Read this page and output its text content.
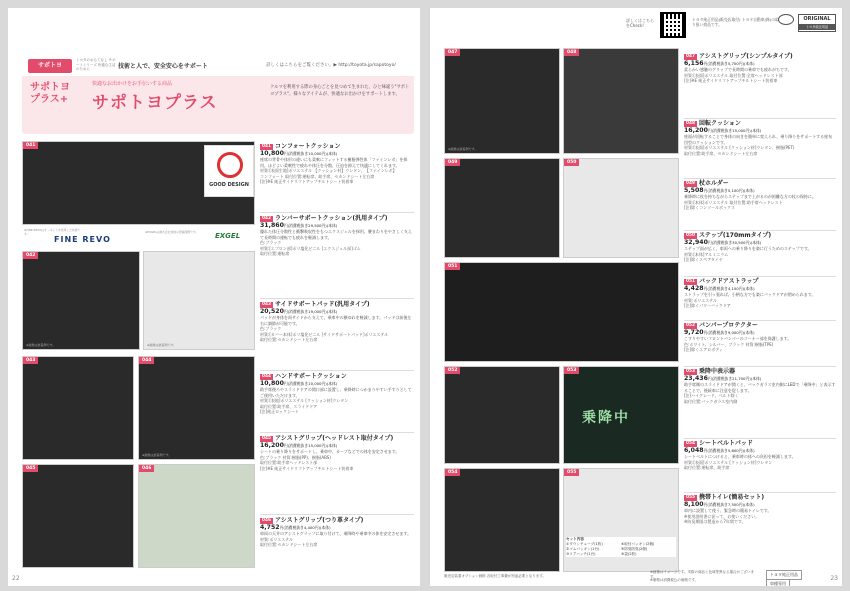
サポトヨ
トヨタのおもてなし サポートシリーズ 快適な生活のために	技術と人で、安全安心をサポート	詳しくはこちらをご覧ください。▶ http://toyota.jp/sapotoyo/
サポトヨ プラス+
快適なお出かけをお手伝いする商品
サポトヨプラス
クルマを利用する際の身心ごとを見つめて生まれた、ひと味違う"サポトヨプラス"。様々なアイテムが、快適なお出かけをサポートします。
041
GOOD DESIGN
※FINE REVOはサーキットを使用した技術です。
FINE REVO
※EXGELは株式会社加地の登録商標です。	EXGEL
042
※画像は装着例です。	※画像は装着例です。
043	044
※画像は装着例です。
045	046
041 コンフォートクッション
10,800円(消費税抜き10,000円)(本体)
座席の背骨や体形の違いにも柔軟にフィットする樹脂弾性体「ファインレボ」を採用。ほどよい柔軟性で疲れや体圧を分散、圧迫を抑えて快適にしてくれます。
材質:[表面生地]ポリエステル 【クッション材】ウレタン、【ファインレボ】
コンフォート 取付位置:運転席、助手席、セカンドシート左右席
[注]※E 純正サイドリフトアップチルトシート装着車
042 ランバーサポートクッション(汎用タイプ)
31,860円(消費税抜き29,500円)(本体)
優れた体圧分散性と衝撃吸収性をもつエクスジェルを採用。腰まわりをやさしく支えて長時間の運転でも疲れを軽減します。
色:ブラック
材質:[エプロン部]ポリ塩化ビニル [エクスジェル部]ゴム
取付位置:運転席
043 サイドサポートパッド(汎用タイプ)
20,520円(消費税抜き19,000円)(本体)
パッドが身体を両サイドから支えて、乗車中の横ゆれを軽減します。パッドは前後左右に調節が可能です。
色:ブラック
材質:[カバー本体]ポリ塩化ビニル [サイドサポートパッド]ポリエステル
取付位置:セカンドシート左右席
044 ハンドサポートクッション
10,800円(消費税抜き10,000円)(本体)
助手席後ろやスライドドアの開口部に設置し、乗降時につかまりやすい手すりとしてご使用いただけます。
材質:[表地]ポリエステル [クッション材]ウレタン
取付位置:助手席、スライドドア
[注]純正ロックシート
045 アシストグリップ(ヘッドレスト取付タイプ)
16,200円(消費税抜き15,000円)(本体)
シートの乗り降りをサポートし、乗車中、カーブなどでの体を安定させます。
色:ブラック 材質:樹脂(PP)、樹脂(ABS)
取付位置:助手席ヘッドレスト部
[注]※E 純正サイドリフトアップチルトシート装着車
046 アシストグリップ(つり革タイプ)
4,752円(消費税抜き4,400円)(本体)
車両の天井のアシストグリップに取り付けて、乗降時や乗車中の体を安定させます。
材質:ポリエステル
取付位置:セカンドシート左右席
22
詳しくはこちらをCheck!
トヨタ純正用品(販売店取付) トヨタ自動車(株)の取り扱い商品です。
ORIGINAL
トヨタ純正用品
047
※画像は装着例です。
048
049	050
051
052	053
乗降中
054	055
セット内容
①ダウンチューブ(1枚)	④取付パッキン(2個)
②ゴムパッキン(1台)	⑤防臭防臭(2個)
③リアハッチ(1台)	⑥袋(2枚)
047 アシストグリップ(シンプルタイプ)
6,156円(消費税抜き5,700円)(本体)
柔らかい感触のグリップで長時間の乗車でも疲れがちです。
材質:[表面]ポリエステル 取付位置:全席ヘッドレスト部
[注]※E 純正サイドリフトアップチルトシート装着車
048 回転クッション
16,200円(消費税抜き15,000円)(本体)
座面が回転することで身体の向きを簡単に変えられ、乗り降りをサポートする座布団型のクッションです。
材質:[表面]ポリエステル [クッション材]ウレタン、樹脂(PET)
取付位置:助手席、セカンドシート左右席
049 杖ホルダー
5,508円(消費税抜き5,100円)(本体)
乗降時に杖を持ちながらステップまで上がるのが困難な方の杖の保持に。
材質:[本体]ポリエステル 取付位置:助手席ヘッドレスト
[注]除くコンソールボックス
050 ステップ(170mmタイプ)
32,940円(消費税抜き30,500円)(本体)
ステップ面が広く、車両への乗り降りを楽に行うためのステップです。
材質:[本体]アルミニウム
[注]除くスペアタイヤ
051 バックドアストラップ
4,428円(消費税抜き4,100円)(本体)
ストラップを引っ張れば、小柄な方でも楽にバックドアが閉められます。
材質:ポリエステル
[注]除くパワーバックドア
052 バンパープロテクター
9,720円(消費税抜き9,000円)(本体)
こすりやすいフロントバンパーのコーナー部を保護します。
色:ホワイト、シルバー、ブラック 材質:樹脂(TPE)
[注]除くエアロボディ
053 乗降中表示器
23,436円(消費税抜き21,700円)(本体)
助手席側のスライドドアが開くと、バックガラス室内側にLEDで「乗降中」と表示することで、後続車に注意を促します。
[注]ハイグレード、ベルト除く
取付位置:バックガラス室内側
054 シートベルトパッド
6,048円(消費税抜き5,600円)(本体)
シートベルトにつけると、乗車時の体への負担を軽減します。
材質:[表面]ポリエステル [クッション材]ウレタン
取付位置:運転席、助手席
055 携帯トイレ(簡易セット)
8,100円(消費税抜き7,500円)(本体)
車内に設置して使う、緊急時の簡易トイレです。
※使用説明書に従って、お使いください。
※防臭期限は製造から7年間です。
販売店装着オプション価格 各取付工事費が別途必要となります。
※画像はイメージです。実際の商品と色味等異なる場合がございます。
※価格は消費税込の価格です。
トヨタ純正用品
車種専用
23
